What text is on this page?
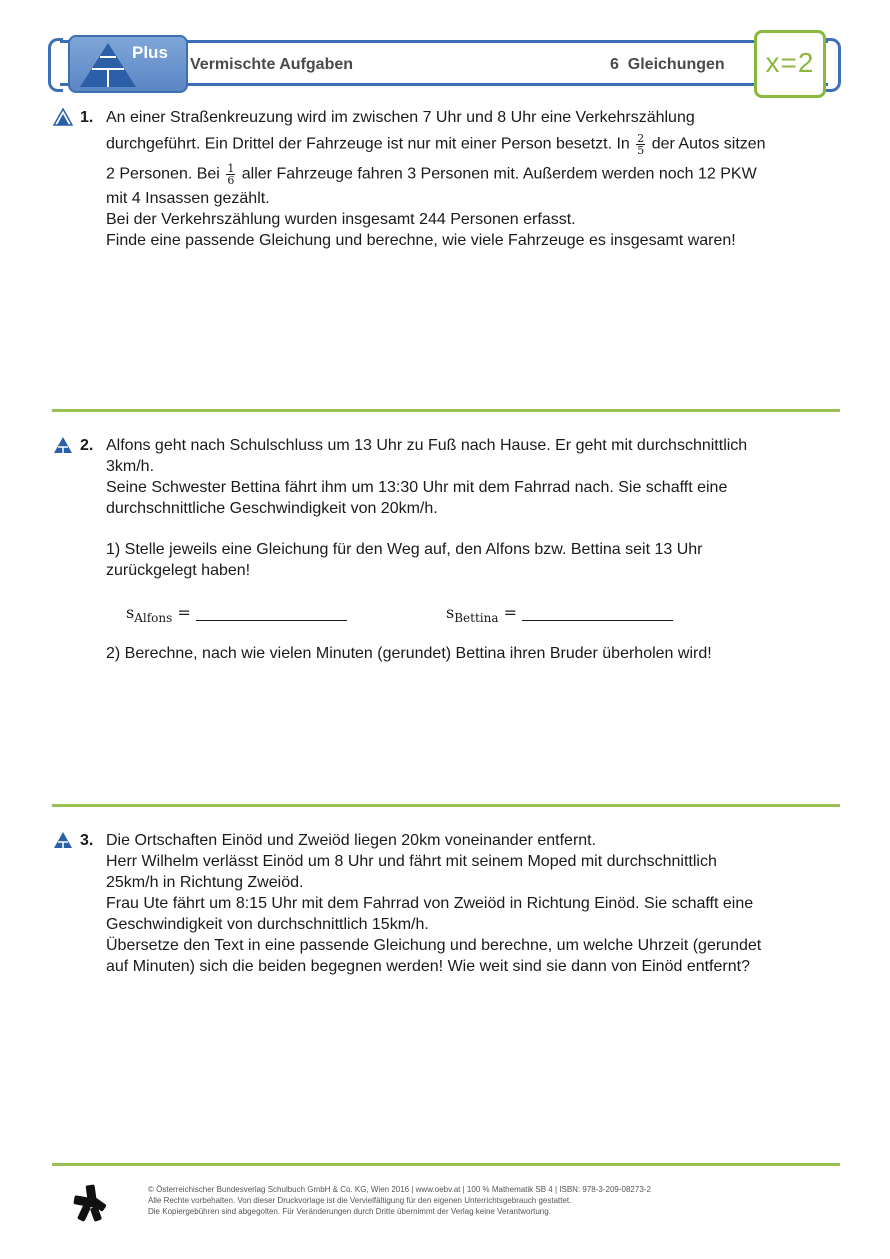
Plus
Vermischte Aufgaben	6  Gleichungen	x=2
1. An einer Straßenkreuzung wird im zwischen 7 Uhr und 8 Uhr eine Verkehrszählung
durchgeführt. Ein Drittel der Fahrzeuge ist nur mit einer Person besetzt. In $\frac{2}{5}$ der Autos sitzen
2 Personen. Bei $\frac{1}{6}$ aller Fahrzeuge fahren 3 Personen mit. Außerdem werden noch 12 PKW
mit 4 Insassen gezählt.
Bei der Verkehrszählung wurden insgesamt 244 Personen erfasst.
Finde eine passende Gleichung und berechne, wie viele Fahrzeuge es insgesamt waren!
2. Alfons geht nach Schulschluss um 13 Uhr zu Fuß nach Hause. Er geht mit durchschnittlich
3km/h.
Seine Schwester Bettina fährt ihm um 13:30 Uhr mit dem Fahrrad nach. Sie schafft eine
durchschnittliche Geschwindigkeit von 20km/h.
1) Stelle jeweils eine Gleichung für den Weg auf, den Alfons bzw. Bettina seit 13 Uhr
zurückgelegt haben!
$s_{Alfons}$ =	$s_{Bettina}$ =
2) Berechne, nach wie vielen Minuten (gerundet) Bettina ihren Bruder überholen wird!
3. Die Ortschaften Einöd und Zweiöd liegen 20km voneinander entfernt.
Herr Wilhelm verlässt Einöd um 8 Uhr und fährt mit seinem Moped mit durchschnittlich
25km/h in Richtung Zweiöd.
Frau Ute fährt um 8:15 Uhr mit dem Fahrrad von Zweiöd in Richtung Einöd. Sie schafft eine
Geschwindigkeit von durchschnittlich 15km/h.
Übersetze den Text in eine passende Gleichung und berechne, um welche Uhrzeit (gerundet
auf Minuten) sich die beiden begegnen werden! Wie weit sind sie dann von Einöd entfernt?
© Österreichischer Bundesverlag Schulbuch GmbH & Co. KG, Wien 2016 | www.oebv.at | 100 % Mathematik SB 4 | ISBN: 978-3-209-08273-2
Alle Rechte vorbehalten. Von dieser Druckvorlage ist die Vervielfältigung für den eigenen Unterrichtsgebrauch gestattet.
Die Kopiergebühren sind abgegolten. Für Veränderungen durch Dritte übernimmt der Verlag keine Verantwortung.
